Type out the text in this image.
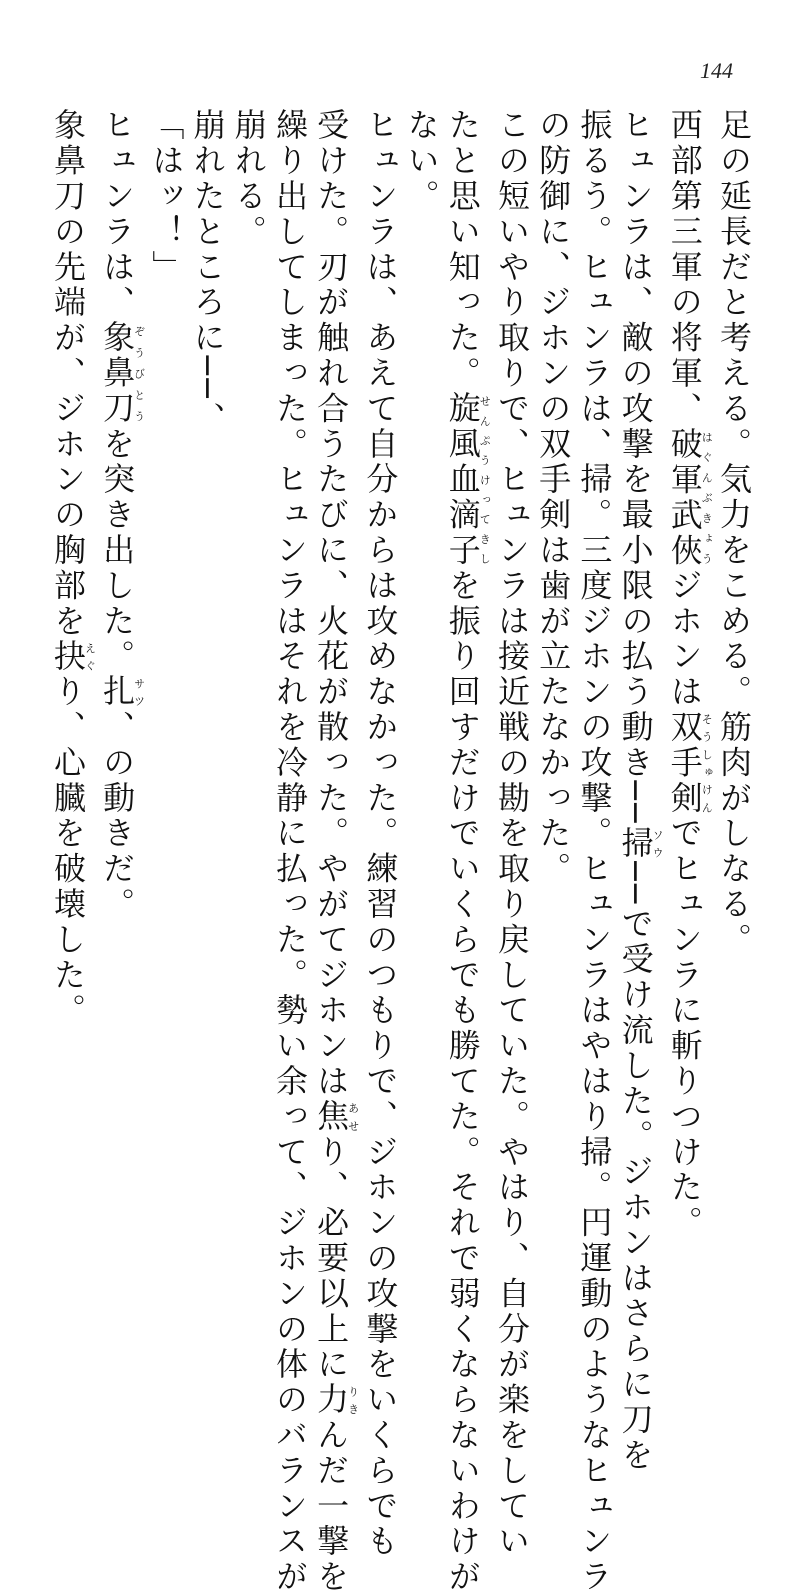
144
足の延長だと考える。気力をこめる。筋肉がしなる。
西部第三軍の将軍、破軍武俠はぐんぶきょうジホンは双手剣そうしゅけんでヒュンラに斬りつけた。
ヒュンラは、敵の攻撃を最小限の払う動き──掃ソウ──で受け流した。ジホンはさらに刀を
振るう。ヒュンラは、掃。三度ジホンの攻撃。ヒュンラはやはり掃。円運動のようなヒュンラ
の防御に、ジホンの双手剣は歯が立たなかった。
この短いやり取りで、ヒュンラは接近戦の勘を取り戻していた。やはり、自分が楽をしてい
たと思い知った。旋風血滴子せんぷうけってきしを振り回すだけでいくらでも勝てた。それで弱くならないわけが
ない。
ヒュンラは、あえて自分からは攻めなかった。練習のつもりで、ジホンの攻撃をいくらでも
受けた。刃が触れ合うたびに、火花が散った。やがてジホンは焦あせり、必要以上に力りきんだ一撃を
繰り出してしまった。ヒュンラはそれを冷静に払った。勢い余って、ジホンの体のバランスが
崩れる。
崩れたところに──、
「はッ！」
ヒュンラは、象鼻刀ぞうびとうを突き出した。扎サツ、の動きだ。
象鼻刀の先端が、ジホンの胸部を抉えぐり、心臓を破壊した。
